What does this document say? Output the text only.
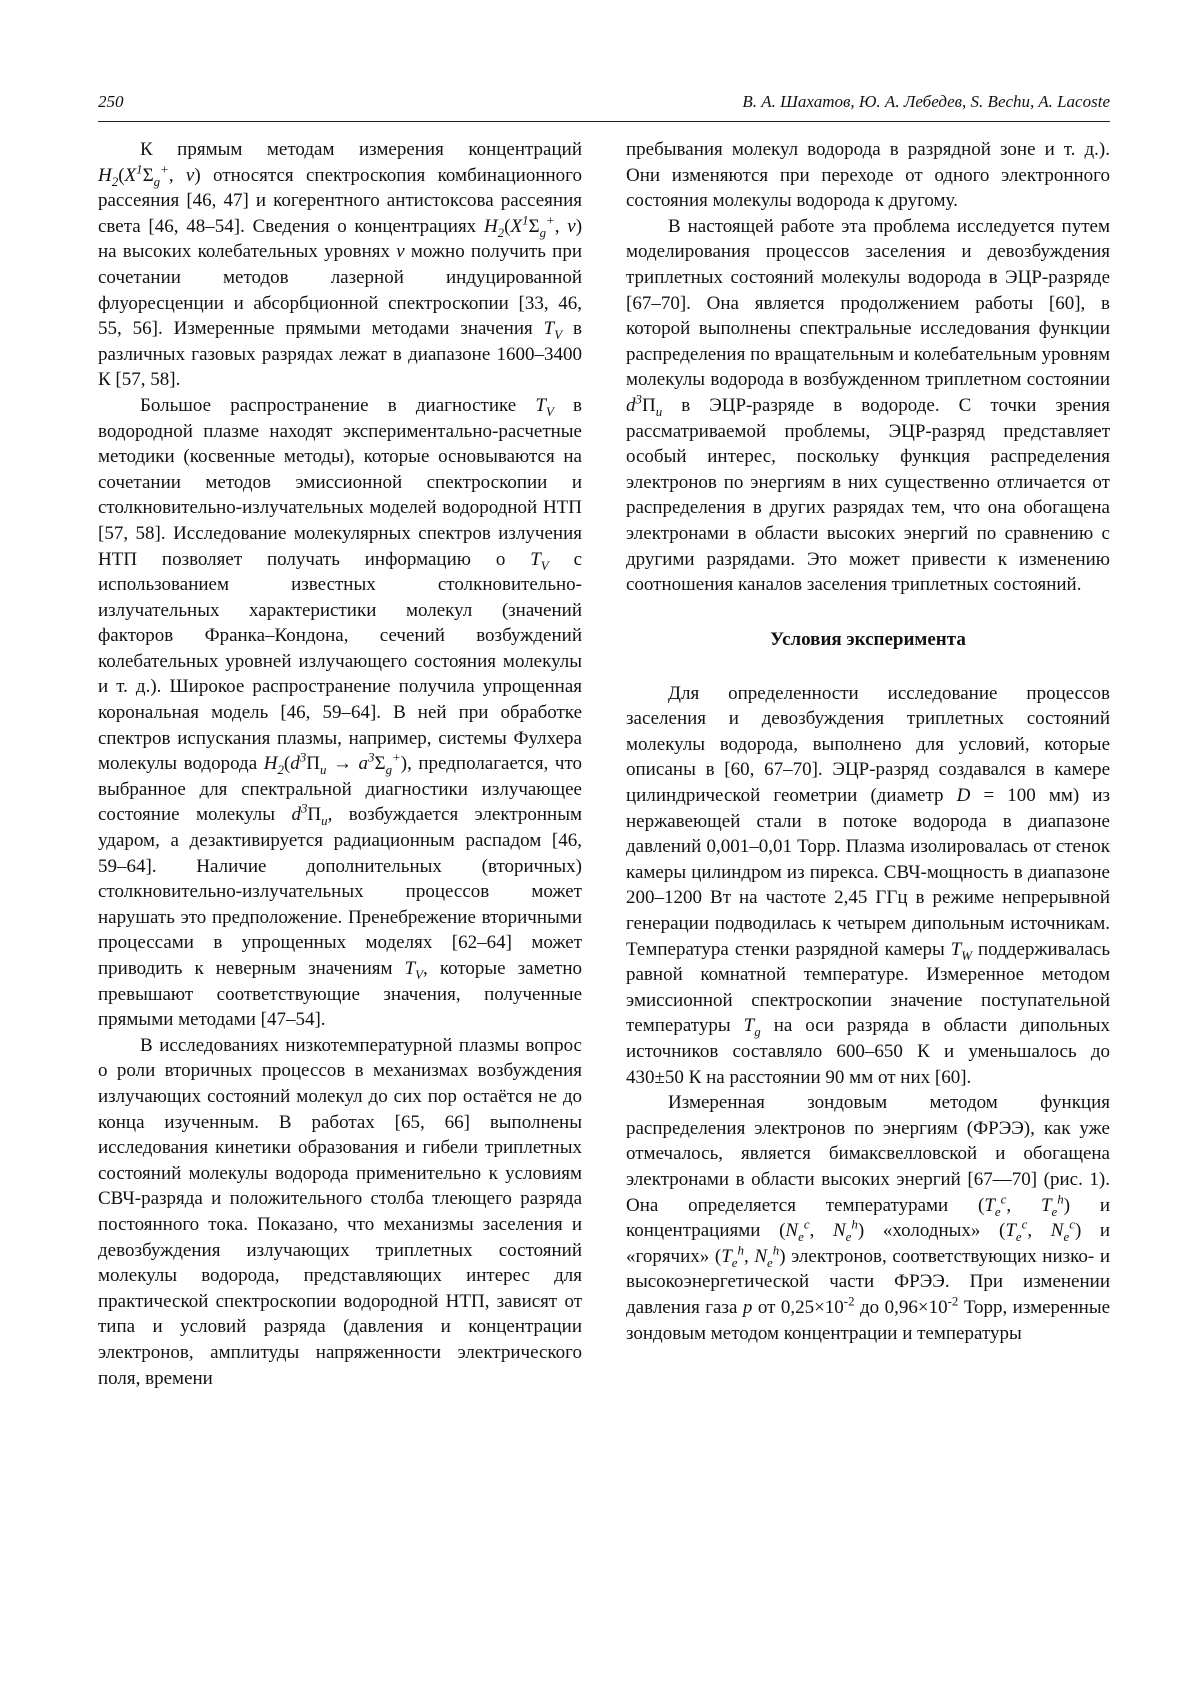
250	В. А. Шахатов, Ю. А. Лебедев, S. Bechu, A. Lacoste

К прямым методам измерения концентраций $H_2(X^1\Sigma_g^+$, v) относятся спектроскопия комбинационного рассеяния [46, 47] и когерентного антистоксова рассеяния света [46, 48–54]. Сведения о концентрациях $H_2(X^1\Sigma_g^+$, v) на высоких колебательных уровнях v можно получить при сочетании методов лазерной индуцированной флуоресценции и абсорбционной спектроскопии [33, 46, 55, 56]. Измеренные прямыми методами значения $T_V$ в различных газовых разрядах лежат в диапазоне 1600–3400 К [57, 58].

Большое распространение в диагностике $T_V$ в водородной плазме находят экспериментально-расчетные методики (косвенные методы), которые основываются на сочетании методов эмиссионной спектроскопии и столкновительно-излучательных моделей водородной НТП [57, 58]. Исследование молекулярных спектров излучения НТП позволяет получать информацию о $T_V$ с использованием известных столкновительно-излучательных характеристики молекул (значений факторов Франка–Кондона, сечений возбуждений колебательных уровней излучающего состояния молекулы и т. д.). Широкое распространение получила упрощенная корональная модель [46, 59–64]. В ней при обработке спектров испускания плазмы, например, системы Фулхера молекулы водорода $H_2(d^3\Pi_u \to a^3\Sigma_g^+)$, предполагается, что выбранное для спектральной диагностики излучающее состояние молекулы $d^3\Pi_u$, возбуждается электронным ударом, а дезактивируется радиационным распадом [46, 59–64]. Наличие дополнительных (вторичных) столкновительно-излучательных процессов может нарушать это предположение. Пренебрежение вторичными процессами в упрощенных моделях [62–64] может приводить к неверным значениям $T_V$, которые заметно превышают соответствующие значения, полученные прямыми методами [47–54].

В исследованиях низкотемпературной плазмы вопрос о роли вторичных процессов в механизмах возбуждения излучающих состояний молекул до сих пор остаётся не до конца изученным. В работах [65, 66] выполнены исследования кинетики образования и гибели триплетных состояний молекулы водорода применительно к условиям СВЧ-разряда и положительного столба тлеющего разряда постоянного тока. Показано, что механизмы заселения и девозбуждения излучающих триплетных состояний молекулы водорода, представляющих интерес для практической спектроскопии водородной НТП, зависят от типа и условий разряда (давления и концентрации электронов, амплитуды напряженности электрического поля, времени

пребывания молекул водорода в разрядной зоне и т. д.). Они изменяются при переходе от одного электронного состояния молекулы водорода к другому.

В настоящей работе эта проблема исследуется путем моделирования процессов заселения и девозбуждения триплетных состояний молекулы водорода в ЭЦР-разряде [67–70]. Она является продолжением работы [60], в которой выполнены спектральные исследования функции распределения по вращательным и колебательным уровням молекулы водорода в возбужденном триплетном состоянии $d^3\Pi_u$ в ЭЦР-разряде в водороде. С точки зрения рассматриваемой проблемы, ЭЦР-разряд представляет особый интерес, поскольку функция распределения электронов по энергиям в них существенно отличается от распределения в других разрядах тем, что она обогащена электронами в области высоких энергий по сравнению с другими разрядами. Это может привести к изменению соотношения каналов заселения триплетных состояний.

Условия эксперимента

Для определенности исследование процессов заселения и девозбуждения триплетных состояний молекулы водорода, выполнено для условий, которые описаны в [60, 67–70]. ЭЦР-разряд создавался в камере цилиндрической геометрии (диаметр D = 100 мм) из нержавеющей стали в потоке водорода в диапазоне давлений 0,001–0,01 Торр. Плазма изолировалась от стенок камеры цилиндром из пирекса. СВЧ-мощность в диапазоне 200–1200 Вт на частоте 2,45 ГГц в режиме непрерывной генерации подводилась к четырем дипольным источникам. Температура стенки разрядной камеры $T_W$ поддерживалась равной комнатной температуре. Измеренное методом эмиссионной спектроскопии значение поступательной температуры $T_g$ на оси разряда в области дипольных источников составляло 600–650 К и уменьшалось до 430±50 К на расстоянии 90 мм от них [60].

Измеренная зондовым методом функция распределения электронов по энергиям (ФРЭЭ), как уже отмечалось, является бимаксвелловской и обогащена электронами в области высоких энергий [67—70] (рис. 1). Она определяется температурами ($T_e^c$, $T_e^h$) и концентрациями ($N_e^c$, $N_e^h$) «холодных» ($T_e^c$, $N_e^c$) и «горячих» ($T_e^h$, $N_e^h$) электронов, соответствующих низко- и высокоэнергетической части ФРЭЭ. При изменении давления газа p от $0,25\times 10^{-2}$ до $0,96\times 10^{-2}$ Торр, измеренные зондовым методом концентрации и температуры
